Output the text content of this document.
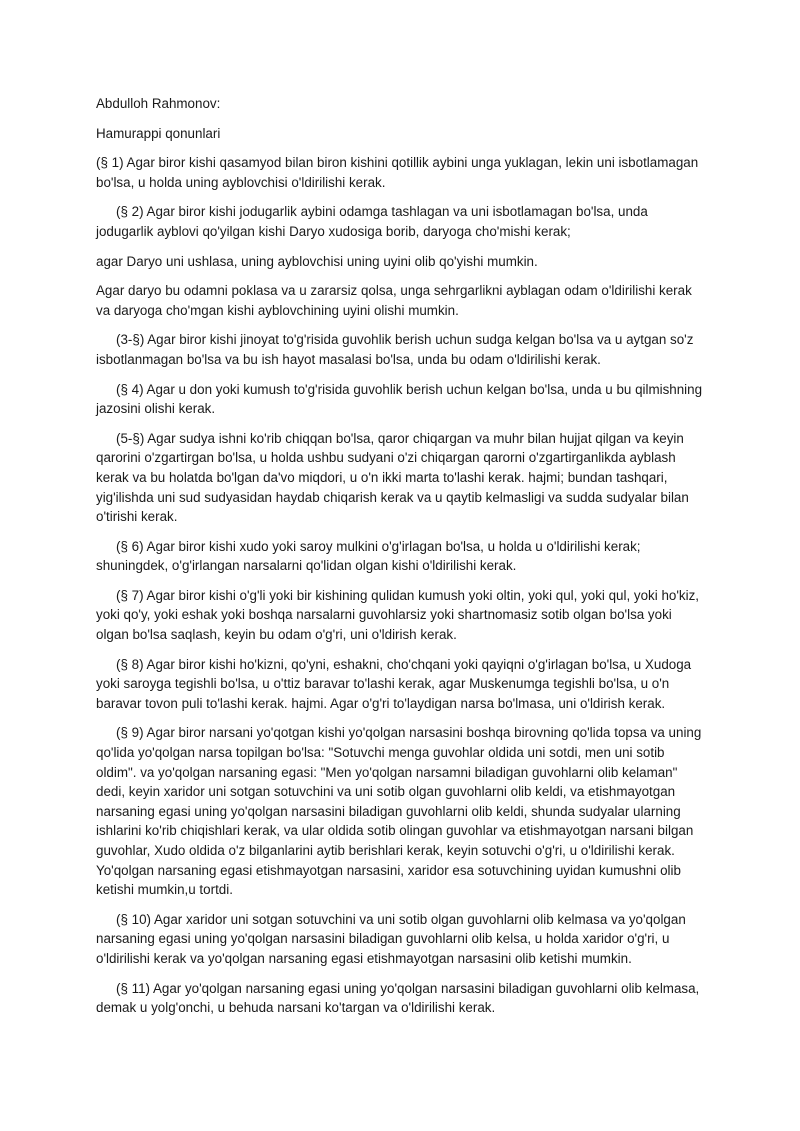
Abdulloh Rahmonov:

Hamurappi qonunlari

(§ 1) Agar biror kishi qasamyod bilan biron kishini qotillik aybini unga yuklagan, lekin uni isbotlamagan bo'lsa, u holda uning ayblovchisi o'ldirilishi kerak.

(§ 2) Agar biror kishi jodugarlik aybini odamga tashlagan va uni isbotlamagan bo'lsa, unda jodugarlik ayblovi qo'yilgan kishi Daryo xudosiga borib, daryoga cho'mishi kerak;

agar Daryo uni ushlasa, uning ayblovchisi uning uyini olib qo'yishi mumkin.

Agar daryo bu odamni poklasa va u zararsiz qolsa, unga sehrgarlikni ayblagan odam o'ldirilishi kerak va daryoga cho'mgan kishi ayblovchining uyini olishi mumkin.

(3-§) Agar biror kishi jinoyat to'g'risida guvohlik berish uchun sudga kelgan bo'lsa va u aytgan so'z isbotlanmagan bo'lsa va bu ish hayot masalasi bo'lsa, unda bu odam o'ldirilishi kerak.

(§ 4) Agar u don yoki kumush to'g'risida guvohlik berish uchun kelgan bo'lsa, unda u bu qilmishning jazosini olishi kerak.

(5-§) Agar sudya ishni ko'rib chiqqan bo'lsa, qaror chiqargan va muhr bilan hujjat qilgan va keyin qarorini o'zgartirgan bo'lsa, u holda ushbu sudyani o'zi chiqargan qarorni o'zgartirganlikda ayblash kerak va bu holatda bo'lgan da'vo miqdori, u o'n ikki marta to'lashi kerak. hajmi; bundan tashqari, yig'ilishda uni sud sudyasidan haydab chiqarish kerak va u qaytib kelmasligi va sudda sudyalar bilan o'tirishi kerak.

(§ 6) Agar biror kishi xudo yoki saroy mulkini o'g'irlagan bo'lsa, u holda u o'ldirilishi kerak; shuningdek, o'g'irlangan narsalarni qo'lidan olgan kishi o'ldirilishi kerak.

(§ 7) Agar biror kishi o'g'li yoki bir kishining qulidan kumush yoki oltin, yoki qul, yoki qul, yoki ho'kiz, yoki qo'y, yoki eshak yoki boshqa narsalarni guvohlarsiz yoki shartnomasiz sotib olgan bo'lsa yoki olgan bo'lsa saqlash, keyin bu odam o'g'ri, uni o'ldirish kerak.

(§ 8) Agar biror kishi ho'kizni, qo'yni, eshakni, cho'chqani yoki qayiqni o'g'irlagan bo'lsa, u Xudoga yoki saroyga tegishli bo'lsa, u o'ttiz baravar to'lashi kerak, agar Muskenumga tegishli bo'lsa, u o'n baravar tovon puli to'lashi kerak. hajmi. Agar o'g'ri to'laydigan narsa bo'lmasa, uni o'ldirish kerak.

(§ 9) Agar biror narsani yo'qotgan kishi yo'qolgan narsasini boshqa birovning qo'lida topsa va uning qo'lida yo'qolgan narsa topilgan bo'lsa: "Sotuvchi menga guvohlar oldida uni sotdi, men uni sotib oldim". va yo'qolgan narsaning egasi: "Men yo'qolgan narsamni biladigan guvohlarni olib kelaman" dedi, keyin xaridor uni sotgan sotuvchini va uni sotib olgan guvohlarni olib keldi, va etishmayotgan narsaning egasi uning yo'qolgan narsasini biladigan guvohlarni olib keldi, shunda sudyalar ularning ishlarini ko'rib chiqishlari kerak, va ular oldida sotib olingan guvohlar va etishmayotgan narsani bilgan guvohlar, Xudo oldida o'z bilganlarini aytib berishlari kerak, keyin sotuvchi o'g'ri, u o'ldirilishi kerak. Yo'qolgan narsaning egasi etishmayotgan narsasini, xaridor esa sotuvchining uyidan kumushni olib ketishi mumkin,u tortdi.

(§ 10) Agar xaridor uni sotgan sotuvchini va uni sotib olgan guvohlarni olib kelmasa va yo'qolgan narsaning egasi uning yo'qolgan narsasini biladigan guvohlarni olib kelsa, u holda xaridor o'g'ri, u o'ldirilishi kerak va yo'qolgan narsaning egasi etishmayotgan narsasini olib ketishi mumkin.

(§ 11) Agar yo'qolgan narsaning egasi uning yo'qolgan narsasini biladigan guvohlarni olib kelmasa, demak u yolg'onchi, u behuda narsani ko'targan va o'ldirilishi kerak.
